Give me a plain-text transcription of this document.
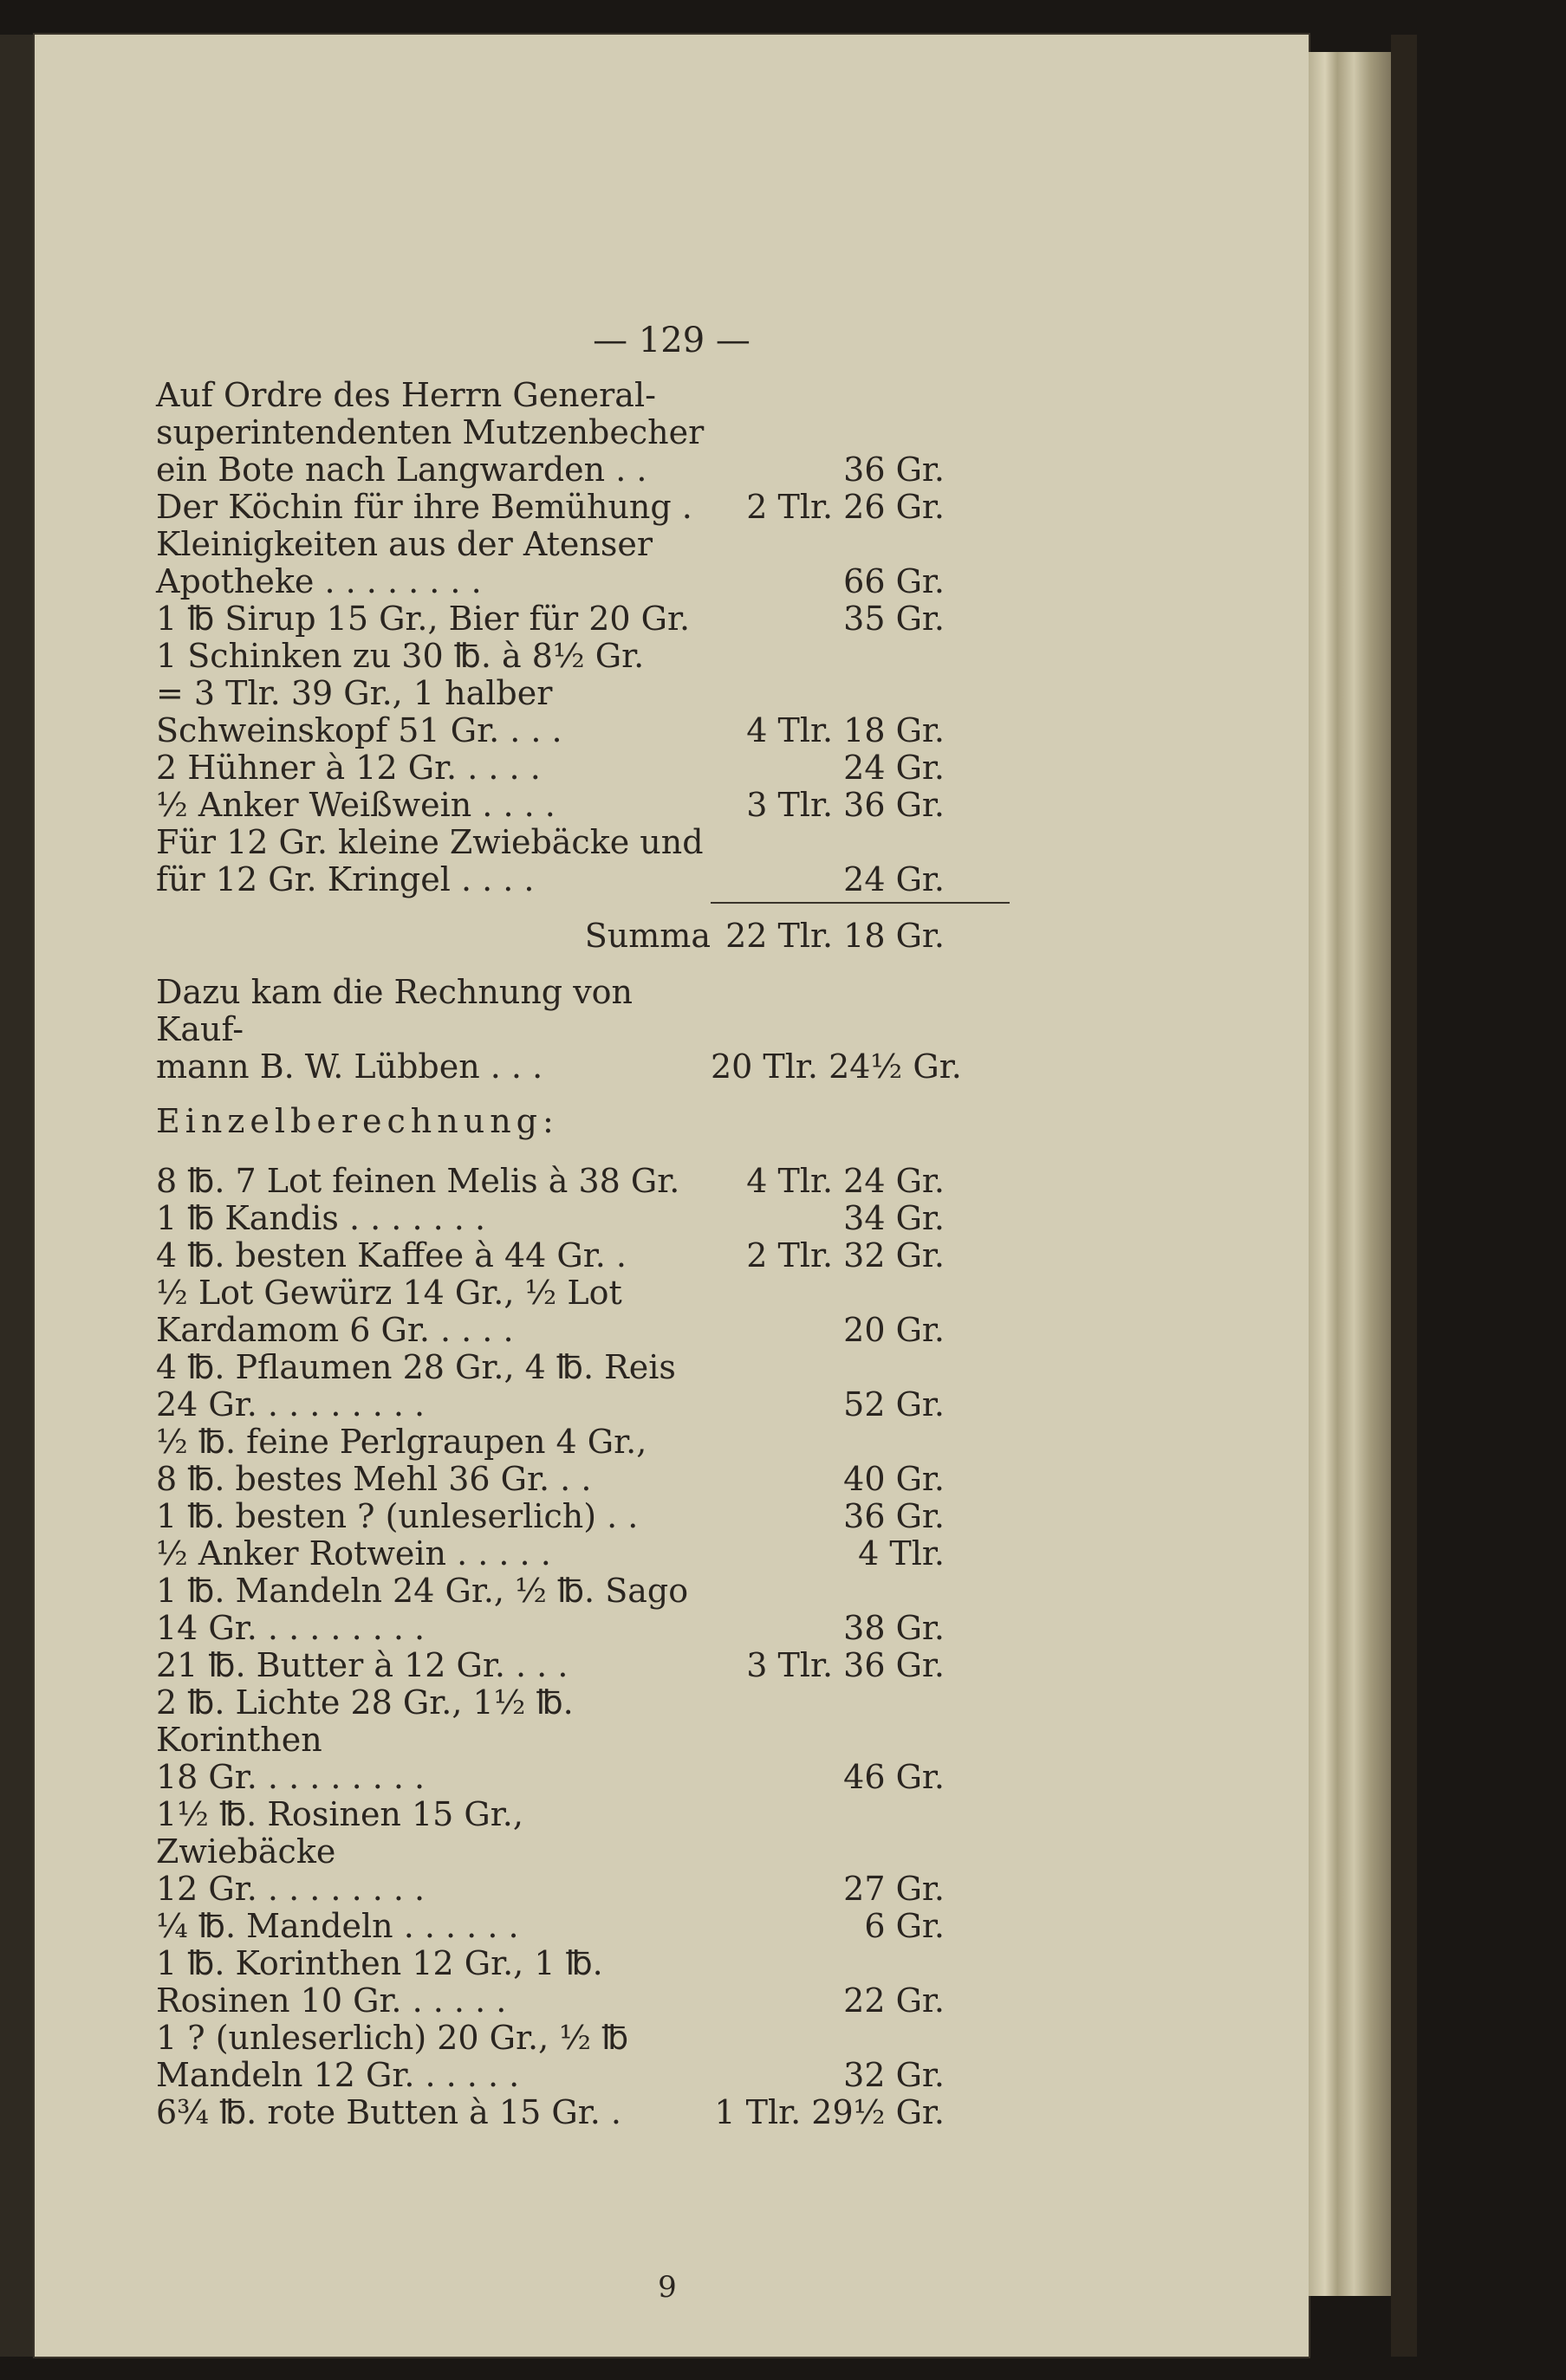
— 129 —
Auf Ordre des Herrn General-
superintendenten Mutzenbecher
ein Bote nach Langwarden . .	36 Gr.
Der Köchin für ihre Bemühung .	2 Tlr. 26 Gr.
Kleinigkeiten aus der Atenser
Apotheke . . . . . . . .	66 Gr.
1 ℔ Sirup 15 Gr., Bier für 20 Gr.	35 Gr.
1 Schinken zu 30 ℔. à 8½ Gr.
= 3 Tlr. 39 Gr., 1 halber
Schweinskopf 51 Gr. . . .	4 Tlr. 18 Gr.
2 Hühner à 12 Gr. . . . .	24 Gr.
½ Anker Weißwein . . . .	3 Tlr. 36 Gr.
Für 12 Gr. kleine Zwiebäcke und
für 12 Gr. Kringel . . . .	24 Gr.
Summa 22 Tlr. 18 Gr.
Dazu kam die Rechnung von Kauf-
mann B. W. Lübben . . .	20 Tlr. 24½ Gr.
Einzelberechnung:
8 ℔. 7 Lot feinen Melis à 38 Gr.	4 Tlr. 24 Gr.
1 ℔ Kandis . . . . . . .	34 Gr.
4 ℔. besten Kaffee à 44 Gr. .	2 Tlr. 32 Gr.
½ Lot Gewürz 14 Gr., ½ Lot
Kardamom 6 Gr. . . . .	20 Gr.
4 ℔. Pflaumen 28 Gr., 4 ℔. Reis
24 Gr. . . . . . . . .	52 Gr.
½ ℔. feine Perlgraupen 4 Gr.,
8 ℔. bestes Mehl 36 Gr. . .	40 Gr.
1 ℔. besten ? (unleserlich) . .	36 Gr.
½ Anker Rotwein . . . . .	4 Tlr.
1 ℔. Mandeln 24 Gr., ½ ℔. Sago
14 Gr. . . . . . . . .	38 Gr.
21 ℔. Butter à 12 Gr. . . .	3 Tlr. 36 Gr.
2 ℔. Lichte 28 Gr., 1½ ℔. Korinthen
18 Gr. . . . . . . . .	46 Gr.
1½ ℔. Rosinen 15 Gr., Zwiebäcke
12 Gr. . . . . . . . .	27 Gr.
¼ ℔. Mandeln . . . . . .	6 Gr.
1 ℔. Korinthen 12 Gr., 1 ℔.
Rosinen 10 Gr. . . . . .	22 Gr.
1 ? (unleserlich) 20 Gr., ½ ℔
Mandeln 12 Gr. . . . . .	32 Gr.
6¾ ℔. rote Butten à 15 Gr. .	1 Tlr. 29½ Gr.
9
